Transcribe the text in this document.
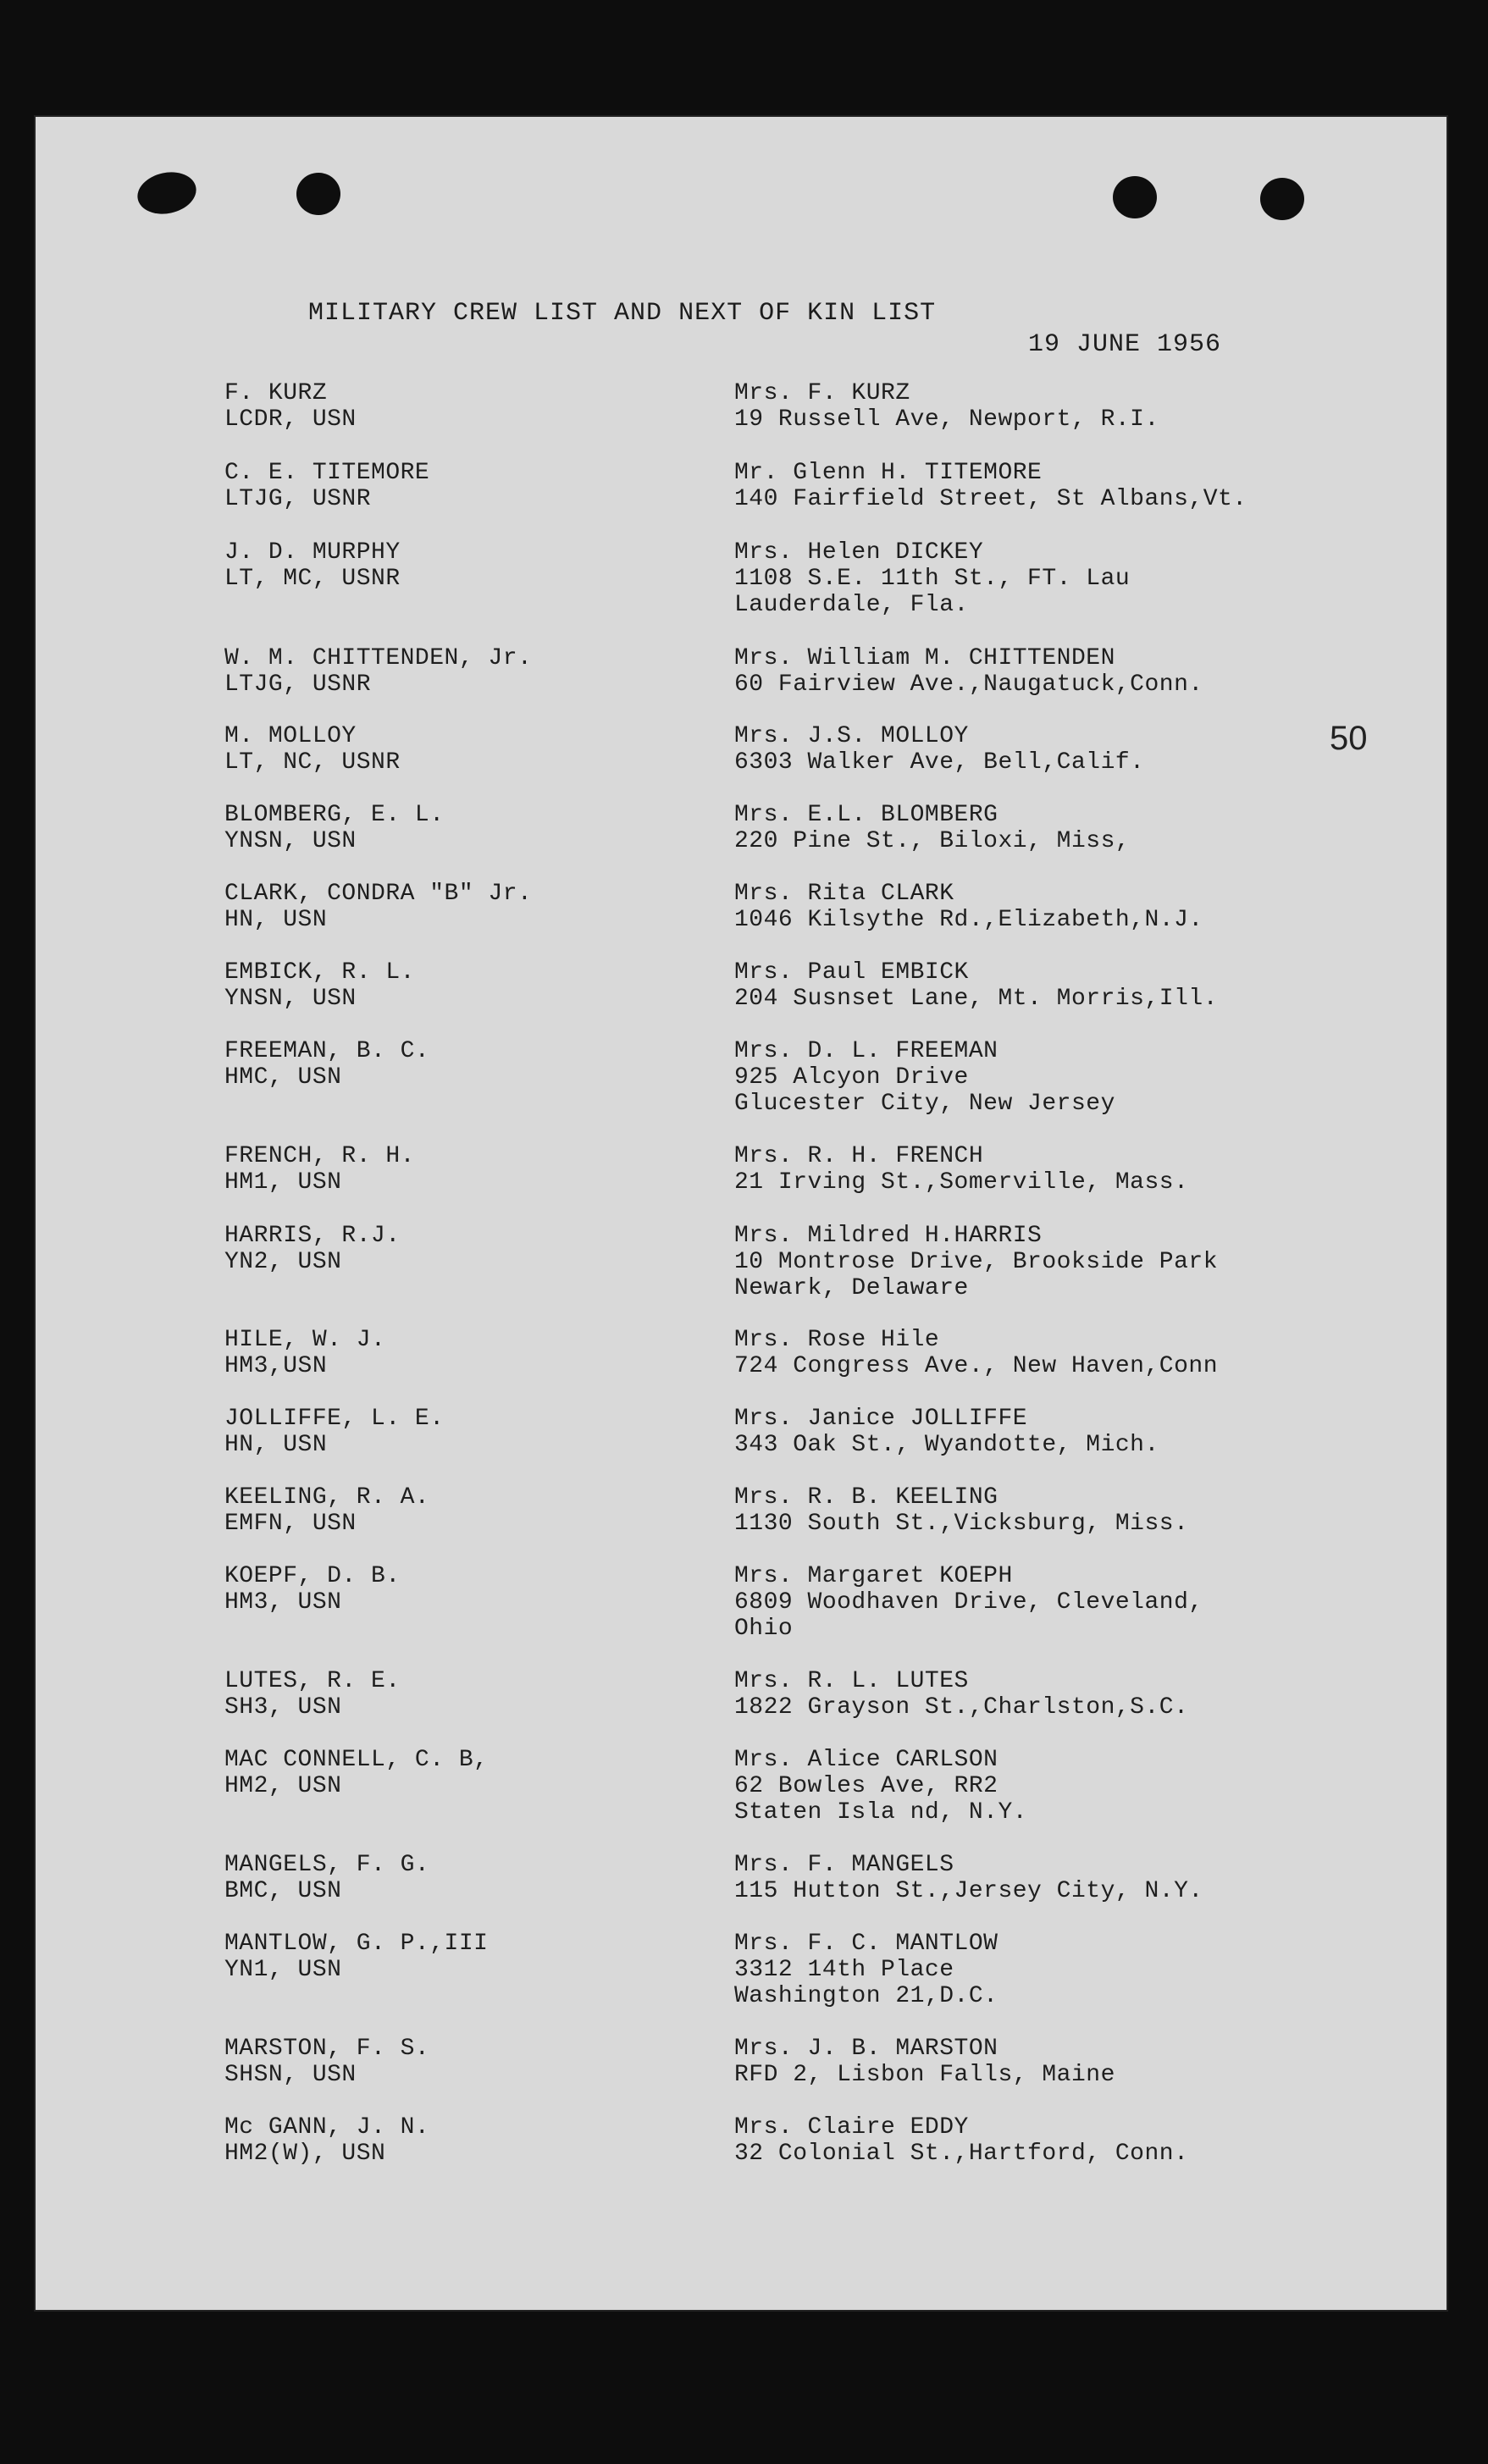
MILITARY CREW LIST AND NEXT OF KIN LIST
19 JUNE 1956
50
F. KURZ
LCDR, USN
Mrs. F. KURZ
19 Russell Ave, Newport, R.I.
C. E. TITEMORE
LTJG, USNR
Mr. Glenn H. TITEMORE
140 Fairfield Street, St Albans,Vt.
J. D. MURPHY
LT, MC, USNR
Mrs. Helen DICKEY
1108 S.E. 11th St., FT. Lau
Lauderdale, Fla.
W. M. CHITTENDEN, Jr.
LTJG, USNR
Mrs. William M. CHITTENDEN
60 Fairview Ave.,Naugatuck,Conn.
M. MOLLOY
LT, NC, USNR
Mrs. J.S. MOLLOY
6303 Walker Ave, Bell,Calif.
BLOMBERG, E. L.
YNSN, USN
Mrs. E.L. BLOMBERG
220 Pine St., Biloxi, Miss,
CLARK, CONDRA "B" Jr.
HN, USN
Mrs. Rita CLARK
1046 Kilsythe Rd.,Elizabeth,N.J.
EMBICK, R. L.
YNSN, USN
Mrs. Paul EMBICK
204 Susnset Lane, Mt. Morris,Ill.
FREEMAN, B. C.
HMC, USN
Mrs. D. L. FREEMAN
925 Alcyon Drive
Glucester City, New Jersey
FRENCH, R. H.
HM1, USN
Mrs. R. H. FRENCH
21 Irving St.,Somerville, Mass.
HARRIS, R.J.
YN2, USN
Mrs. Mildred H.HARRIS
10 Montrose Drive, Brookside Park
Newark, Delaware
HILE, W. J.
HM3,USN
Mrs. Rose Hile
724 Congress Ave., New Haven,Conn
JOLLIFFE, L. E.
HN, USN
Mrs. Janice JOLLIFFE
343 Oak St., Wyandotte, Mich.
KEELING, R. A.
EMFN, USN
Mrs. R. B. KEELING
1130 South St.,Vicksburg, Miss.
KOEPF, D. B.
HM3, USN
Mrs. Margaret KOEPH
6809 Woodhaven Drive, Cleveland,
Ohio
LUTES, R. E.
SH3, USN
Mrs. R. L. LUTES
1822 Grayson St.,Charlston,S.C.
MAC CONNELL, C. B,
HM2, USN
Mrs. Alice CARLSON
62 Bowles Ave, RR2
Staten Isla nd, N.Y.
MANGELS, F. G.
BMC, USN
Mrs. F. MANGELS
115 Hutton St.,Jersey City, N.Y.
MANTLOW, G. P.,III
YN1, USN
Mrs. F. C. MANTLOW
3312 14th Place
Washington 21,D.C.
MARSTON, F. S.
SHSN, USN
Mrs. J. B. MARSTON
RFD 2, Lisbon Falls, Maine
Mc GANN, J. N.
HM2(W), USN
Mrs. Claire EDDY
32 Colonial St.,Hartford, Conn.
